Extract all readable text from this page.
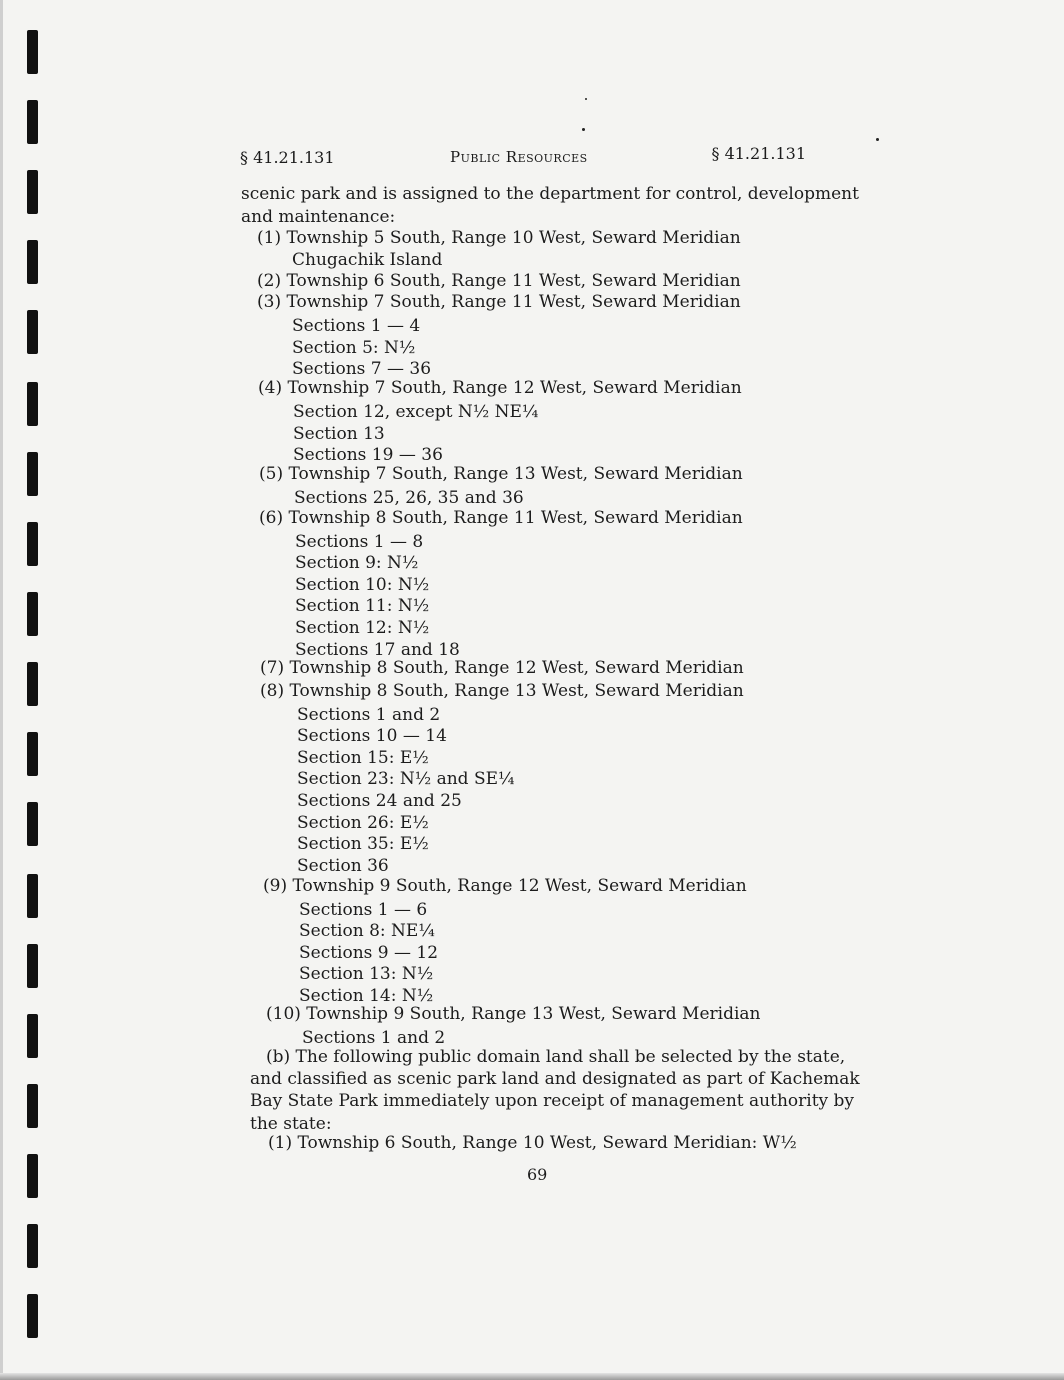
§ 41.21.131	Public Resources	§ 41.21.131
scenic park and is assigned to the department for control, development
and maintenance:
(1) Township 5 South, Range 10 West, Seward Meridian
Chugachik Island
(2) Township 6 South, Range 11 West, Seward Meridian
(3) Township 7 South, Range 11 West, Seward Meridian
Sections 1 — 4
Section 5: N½
Sections 7 — 36
(4) Township 7 South, Range 12 West, Seward Meridian
Section 12, except N½ NE¼
Section 13
Sections 19 — 36
(5) Township 7 South, Range 13 West, Seward Meridian
Sections 25, 26, 35 and 36
(6) Township 8 South, Range 11 West, Seward Meridian
Sections 1 — 8
Section 9: N½
Section 10: N½
Section 11: N½
Section 12: N½
Sections 17 and 18
(7) Township 8 South, Range 12 West, Seward Meridian
(8) Township 8 South, Range 13 West, Seward Meridian
Sections 1 and 2
Sections 10 — 14
Section 15: E½
Section 23: N½ and SE¼
Sections 24 and 25
Section 26: E½
Section 35: E½
Section 36
(9) Township 9 South, Range 12 West, Seward Meridian
Sections 1 — 6
Section 8: NE¼
Sections 9 — 12
Section 13: N½
Section 14: N½
(10) Township 9 South, Range 13 West, Seward Meridian
Sections 1 and 2
(b) The following public domain land shall be selected by the state,
and classified as scenic park land and designated as part of Kachemak
Bay State Park immediately upon receipt of management authority by
the state:
(1) Township 6 South, Range 10 West, Seward Meridian: W½
69
